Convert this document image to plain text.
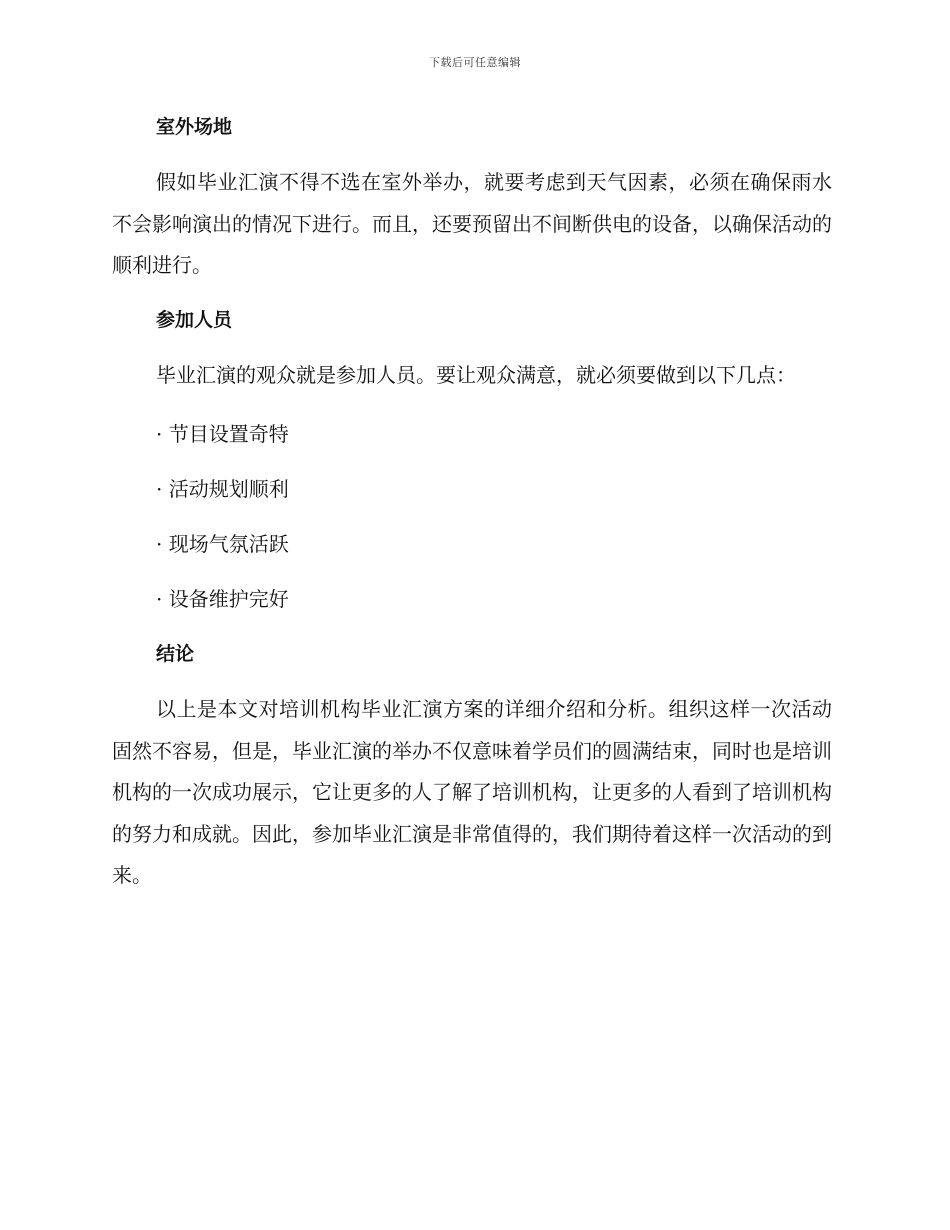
下载后可任意编辑
室外场地

假如毕业汇演不得不选在室外举办，就要考虑到天气因素，必须在确保雨水不会影响演出的情况下进行。而且，还要预留出不间断供电的设备，以确保活动的顺利进行。

参加人员

毕业汇演的观众就是参加人员。要让观众满意，就必须要做到以下几点：

· 节目设置奇特
· 活动规划顺利
· 现场气氛活跃
· 设备维护完好
结论

以上是本文对培训机构毕业汇演方案的详细介绍和分析。组织这样一次活动固然不容易，但是，毕业汇演的举办不仅意味着学员们的圆满结束，同时也是培训机构的一次成功展示，它让更多的人了解了培训机构，让更多的人看到了培训机构的努力和成就。因此，参加毕业汇演是非常值得的，我们期待着这样一次活动的到来。
